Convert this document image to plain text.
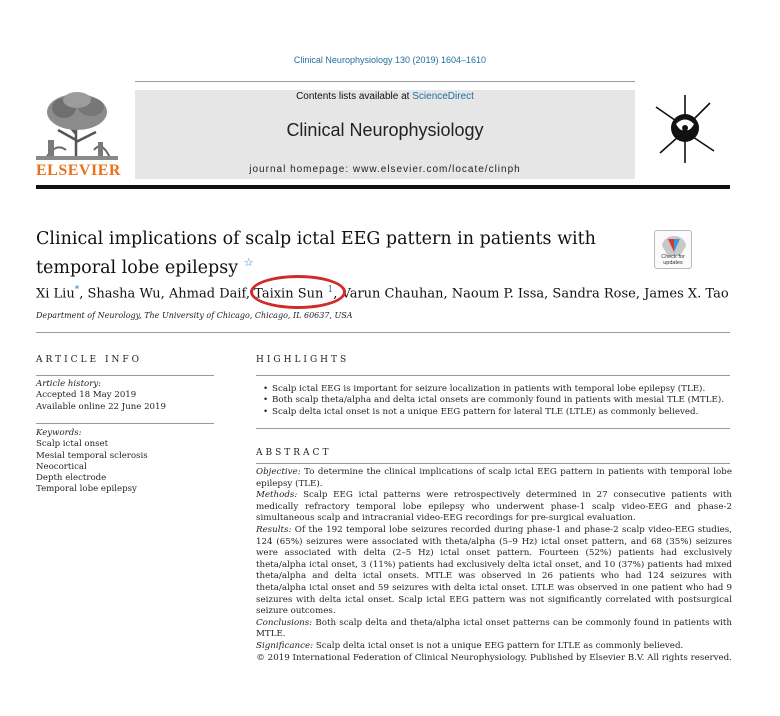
Clinical Neurophysiology 130 (2019) 1604–1610
ELSEVIER
Contents lists available at ScienceDirect
Clinical Neurophysiology
journal homepage: www.elsevier.com/locate/clinph
Clinical implications of scalp ictal EEG pattern in patients with temporal lobe epilepsy ☆	Check for updates
Xi Liu*, Shasha Wu, Ahmad Daif, Taixin Sun $^1$, Varun Chauhan, Naoum P. Issa, Sandra Rose, James X. Tao
Department of Neurology, The University of Chicago, Chicago, IL 60637, USA
ARTICLE INFO
Article history:
Accepted 18 May 2019
Available online 22 June 2019
Keywords:
Scalp ictal onset
Mesial temporal sclerosis
Neocortical
Depth electrode
Temporal lobe epilepsy
HIGHLIGHTS
• Scalp ictal EEG is important for seizure localization in patients with temporal lobe epilepsy (TLE).
• Both scalp theta/alpha and delta ictal onsets are commonly found in patients with mesial TLE (MTLE).
• Scalp delta ictal onset is not a unique EEG pattern for lateral TLE (LTLE) as commonly believed.
ABSTRACT

Objective: To determine the clinical implications of scalp ictal EEG pattern in patients with temporal lobe epilepsy (TLE).

Methods: Scalp EEG ictal patterns were retrospectively determined in 27 consecutive patients with medically refractory temporal lobe epilepsy who underwent phase-1 scalp video-EEG and phase-2 simultaneous scalp and intracranial video-EEG recordings for pre-surgical evaluation.

Results: Of the 192 temporal lobe seizures recorded during phase-1 and phase-2 scalp video-EEG studies, 124 (65%) seizures were associated with theta/alpha (5–9 Hz) ictal onset pattern, and 68 (35%) seizures were associated with delta (2–5 Hz) ictal onset pattern. Fourteen (52%) patients had exclusively theta/alpha ictal onset, 3 (11%) patients had exclusively delta ictal onset, and 10 (37%) patients had mixed theta/alpha and delta ictal onsets. MTLE was observed in 26 patients who had 124 seizures with theta/alpha ictal onset and 59 seizures with delta ictal onset. LTLE was observed in one patient who had 9 seizures with delta ictal onset. Scalp ictal EEG pattern was not significantly correlated with postsurgical seizure outcomes.

Conclusions: Both scalp delta and theta/alpha ictal onset patterns can be commonly found in patients with MTLE.

Significance: Scalp delta ictal onset is not a unique EEG pattern for LTLE as commonly believed.

© 2019 International Federation of Clinical Neurophysiology. Published by Elsevier B.V. All rights reserved.
